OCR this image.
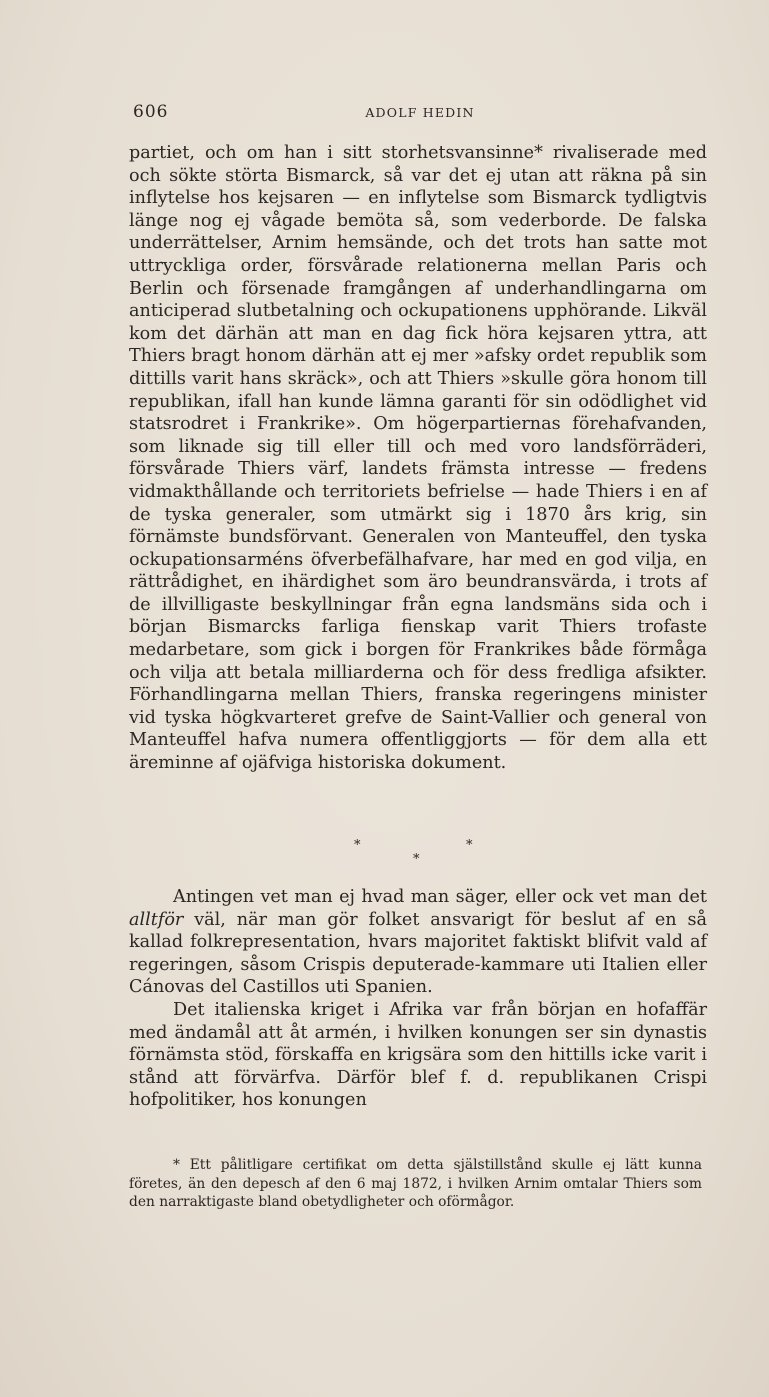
606	ADOLF HEDIN

partiet, och om han i sitt storhetsvansinne* rivaliserade med och sökte störta Bismarck, så var det ej utan att räkna på sin inflytelse hos kejsaren — en inflytelse som Bismarck tydligtvis länge nog ej vågade bemöta så, som vederborde. De falska underrättelser, Arnim hemsände, och det trots han satte mot uttryckliga order, försvårade relationerna mellan Paris och Berlin och försenade framgången af underhandlingarna om anticiperad slutbetalning och ockupationens upphörande. Likväl kom det därhän att man en dag fick höra kejsaren yttra, att Thiers bragt honom därhän att ej mer »afsky ordet republik som dittills varit hans skräck», och att Thiers »skulle göra honom till republikan, ifall han kunde lämna garanti för sin odödlighet vid statsrodret i Frankrike». Om högerpartiernas förehafvanden, som liknade sig till eller till och med voro landsförräderi, försvårade Thiers värf, landets främsta intresse — fredens vidmakthållande och territoriets befrielse — hade Thiers i en af de tyska generaler, som utmärkt sig i 1870 års krig, sin förnämste bundsförvant. Generalen von Manteuffel, den tyska ockupationsarméns öfverbefälhafvare, har med en god vilja, en rättrådighet, en ihärdighet som äro beundransvärda, i trots af de illvilligaste beskyllningar från egna landsmäns sida och i början Bismarcks farliga fienskap varit Thiers trofaste medarbetare, som gick i borgen för Frankrikes både förmåga och vilja att betala milliarderna och för dess fredliga afsikter. Förhandlingarna mellan Thiers, franska regeringens minister vid tyska högkvarteret grefve de Saint-Vallier och general von Manteuffel hafva numera offentliggjorts — för dem alla ett äreminne af ojäfviga historiska dokument.

*
*
*

Antingen vet man ej hvad man säger, eller ock vet man det alltför väl, när man gör folket ansvarigt för beslut af en så kallad folkrepresentation, hvars majoritet faktiskt blifvit vald af regeringen, såsom Crispis deputerade-kammare uti Italien eller Cánovas del Castillos uti Spanien.

Det italienska kriget i Afrika var från början en hofaffär med ändamål att åt armén, i hvilken konungen ser sin dynastis förnämsta stöd, förskaffa en krigsära som den hittills icke varit i stånd att förvärfva. Därför blef f. d. republikanen Crispi hofpolitiker, hos konungen

* Ett pålitligare certifikat om detta själstillstånd skulle ej lätt kunna företes, än den depesch af den 6 maj 1872, i hvilken Arnim omtalar Thiers som den narraktigaste bland obetydligheter och oförmågor.
